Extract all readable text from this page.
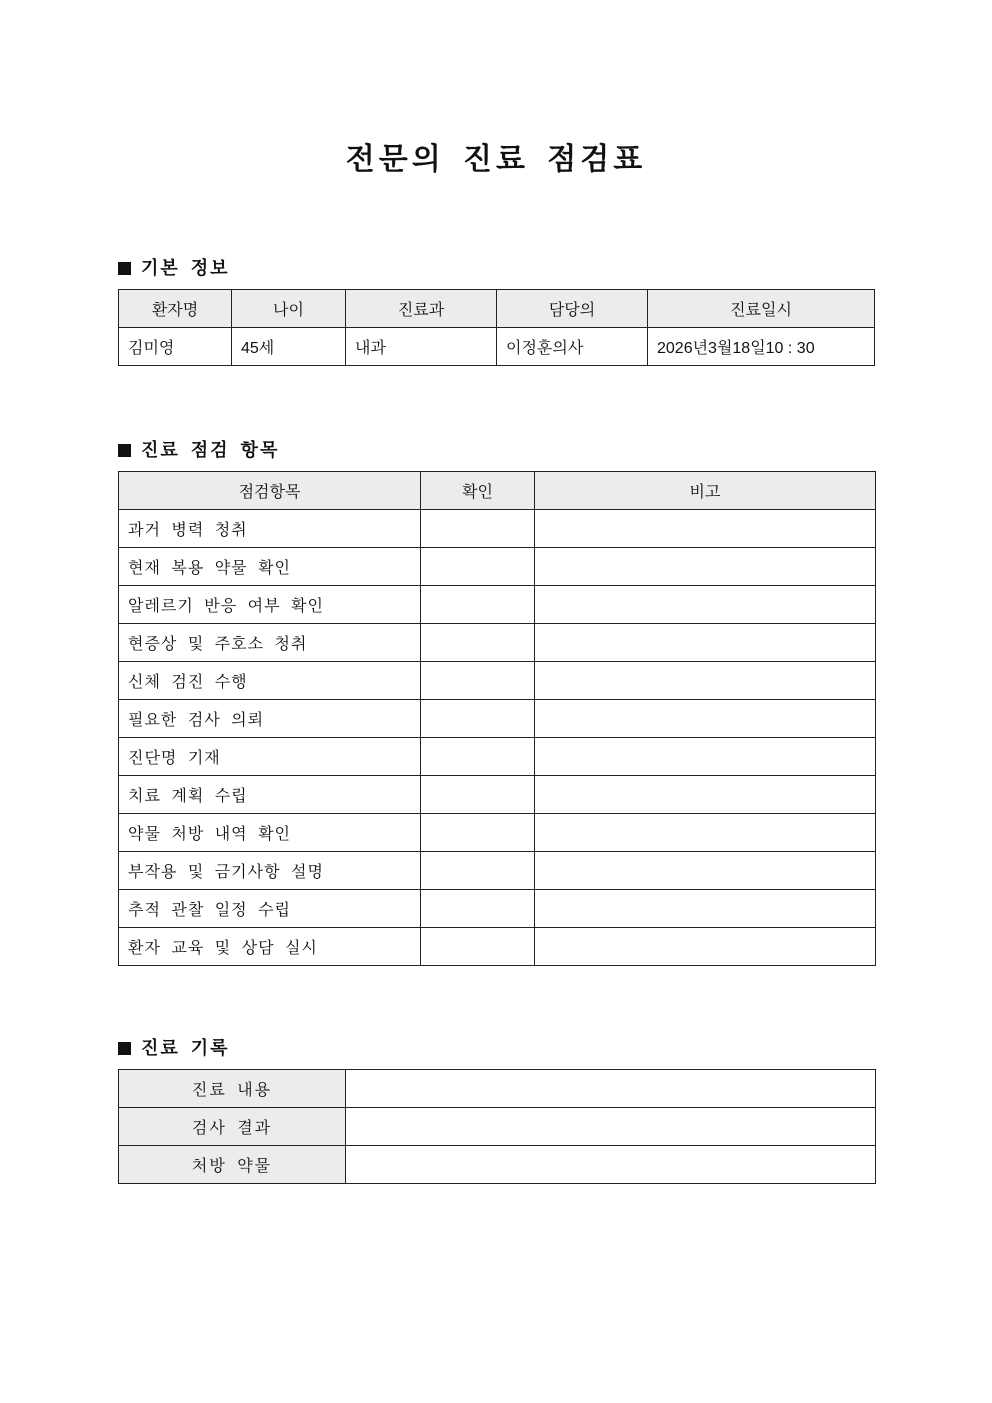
전문의 진료 점검표
기본 정보
환자명	나이	진료과	담당의	진료일시
김미영	45세	내과	이정훈의사	2026년3월18일10 : 30
진료 점검 항목
점검항목	확인	비고
과거 병력 청취		
현재 복용 약물 확인		
알레르기 반응 여부 확인		
현증상 및 주호소 청취		
신체 검진 수행		
필요한 검사 의뢰		
진단명 기재		
치료 계획 수립		
약물 처방 내역 확인		
부작용 및 금기사항 설명		
추적 관찰 일정 수립		
환자 교육 및 상담 실시		
진료 기록
진료 내용	
검사 결과	
처방 약물	
